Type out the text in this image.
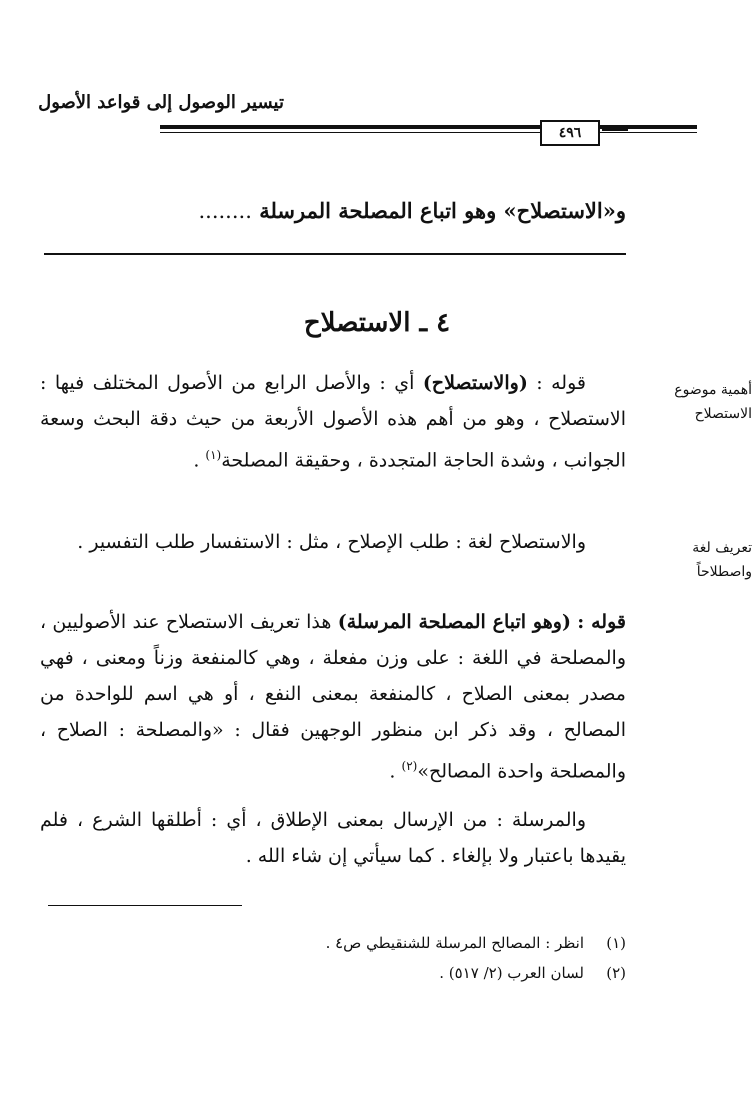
تيسير الوصول إلى قواعد الأصول
٤٩٦
و«الاستصلاح» وهو اتباع المصلحة المرسلة ........
٤ ـ الاستصلاح
أهمية موضوع الاستصلاح
تعريف لغة واصطلاحاً
قوله : (والاستصلاح) أي : والأصل الرابع من الأصول المختلف فيها : الاستصلاح ، وهو من أهم هذه الأصول الأربعة من حيث دقة البحث وسعة الجوانب ، وشدة الحاجة المتجددة ، وحقيقة المصلحة$^{(١)}$ .
والاستصلاح لغة : طلب الإصلاح ، مثل : الاستفسار طلب التفسير .
قوله : (وهو اتباع المصلحة المرسلة) هذا تعريف الاستصلاح عند الأصوليين ، والمصلحة في اللغة : على وزن مفعلة ، وهي كالمنفعة وزناً ومعنى ، فهي مصدر بمعنى الصلاح ، كالمنفعة بمعنى النفع ، أو هي اسم للواحدة من المصالح ، وقد ذكر ابن منظور الوجهين فقال : «والمصلحة : الصلاح ، والمصلحة واحدة المصالح»$^{(٢)}$ .
والمرسلة : من الإرسال بمعنى الإطلاق ، أي : أطلقها الشرع ، فلم يقيدها باعتبار ولا بإلغاء . كما سيأتي إن شاء الله .
(١)انظر : المصالح المرسلة للشنقيطي ص٤ .
(٢)لسان العرب (٢/ ٥١٧) .
